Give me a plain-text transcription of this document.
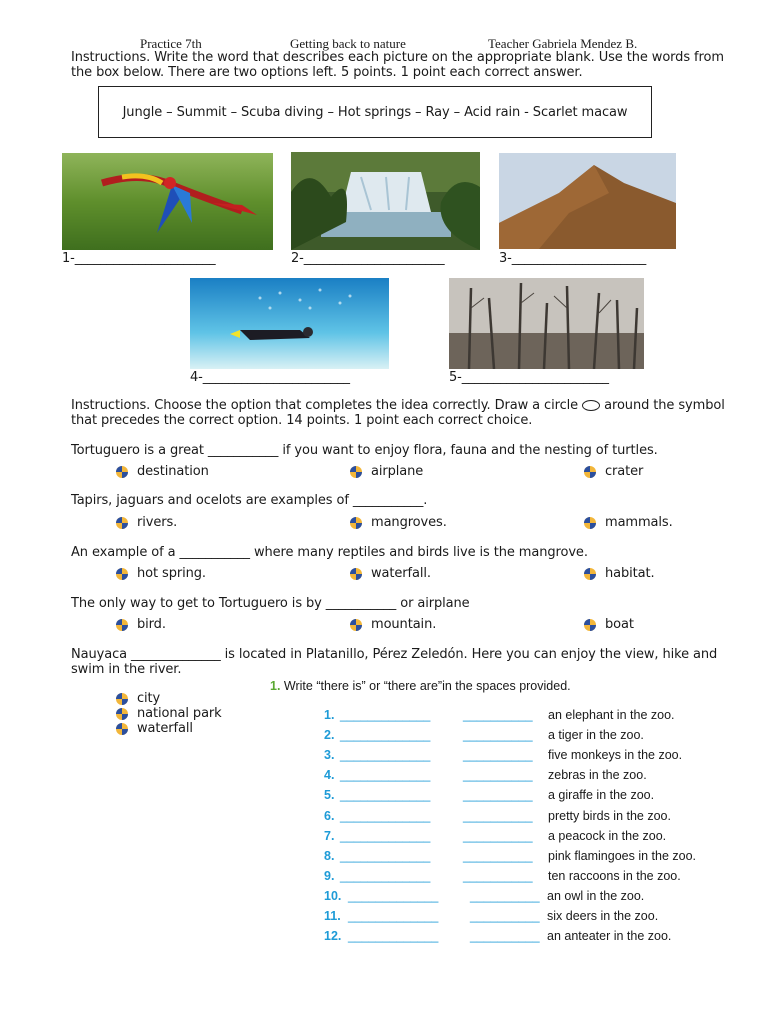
Practice 7th	Getting back to nature	Teacher Gabriela Mendez B.
Instructions. Write the word that describes each picture on the appropriate blank. Use the words from the box below. There are two options left. 5 points. 1 point each correct answer.
Jungle – Summit – Scuba diving – Hot springs – Ray – Acid rain - Scarlet macaw
1-______________________	2-______________________	3-_____________________
4-_______________________	5-_______________________
Instructions. Choose the option that completes the idea correctly. Draw a circle around the symbol that precedes the correct option. 14 points. 1 point each correct choice.
Tortuguero is a great ___________ if you want to enjoy flora, fauna and the nesting of turtles.
destination	airplane	crater
Tapirs, jaguars and ocelots are examples of ___________.
rivers.	mangroves.	mammals.
An example of a ___________ where many reptiles and birds live is the mangrove.
hot spring.	waterfall.	habitat.
The only way to get to Tortuguero is by ___________ or airplane
bird.	mountain.	boat
Nauyaca ______________ is located in Platanillo, Pérez Zeledón. Here you can enjoy the view, hike and swim in the river.
city
national park
waterfall
1. Write “there is” or “there are”in the spaces provided.
1. _____________	__________ an elephant in the zoo.
2. _____________	__________ a tiger in the zoo.
3. _____________	__________ five monkeys in the zoo.
4. _____________	__________ zebras in the zoo.
5. _____________	__________ a giraffe in the zoo.
6. _____________	__________ pretty birds in the zoo.
7. _____________	__________ a peacock in the zoo.
8. _____________	__________ pink flamingoes in the zoo.
9. _____________	__________ ten raccoons in the zoo.
10. _____________	__________ an owl in the zoo.
11. _____________	__________ six deers in the zoo.
12. _____________	__________ an anteater in the zoo.
